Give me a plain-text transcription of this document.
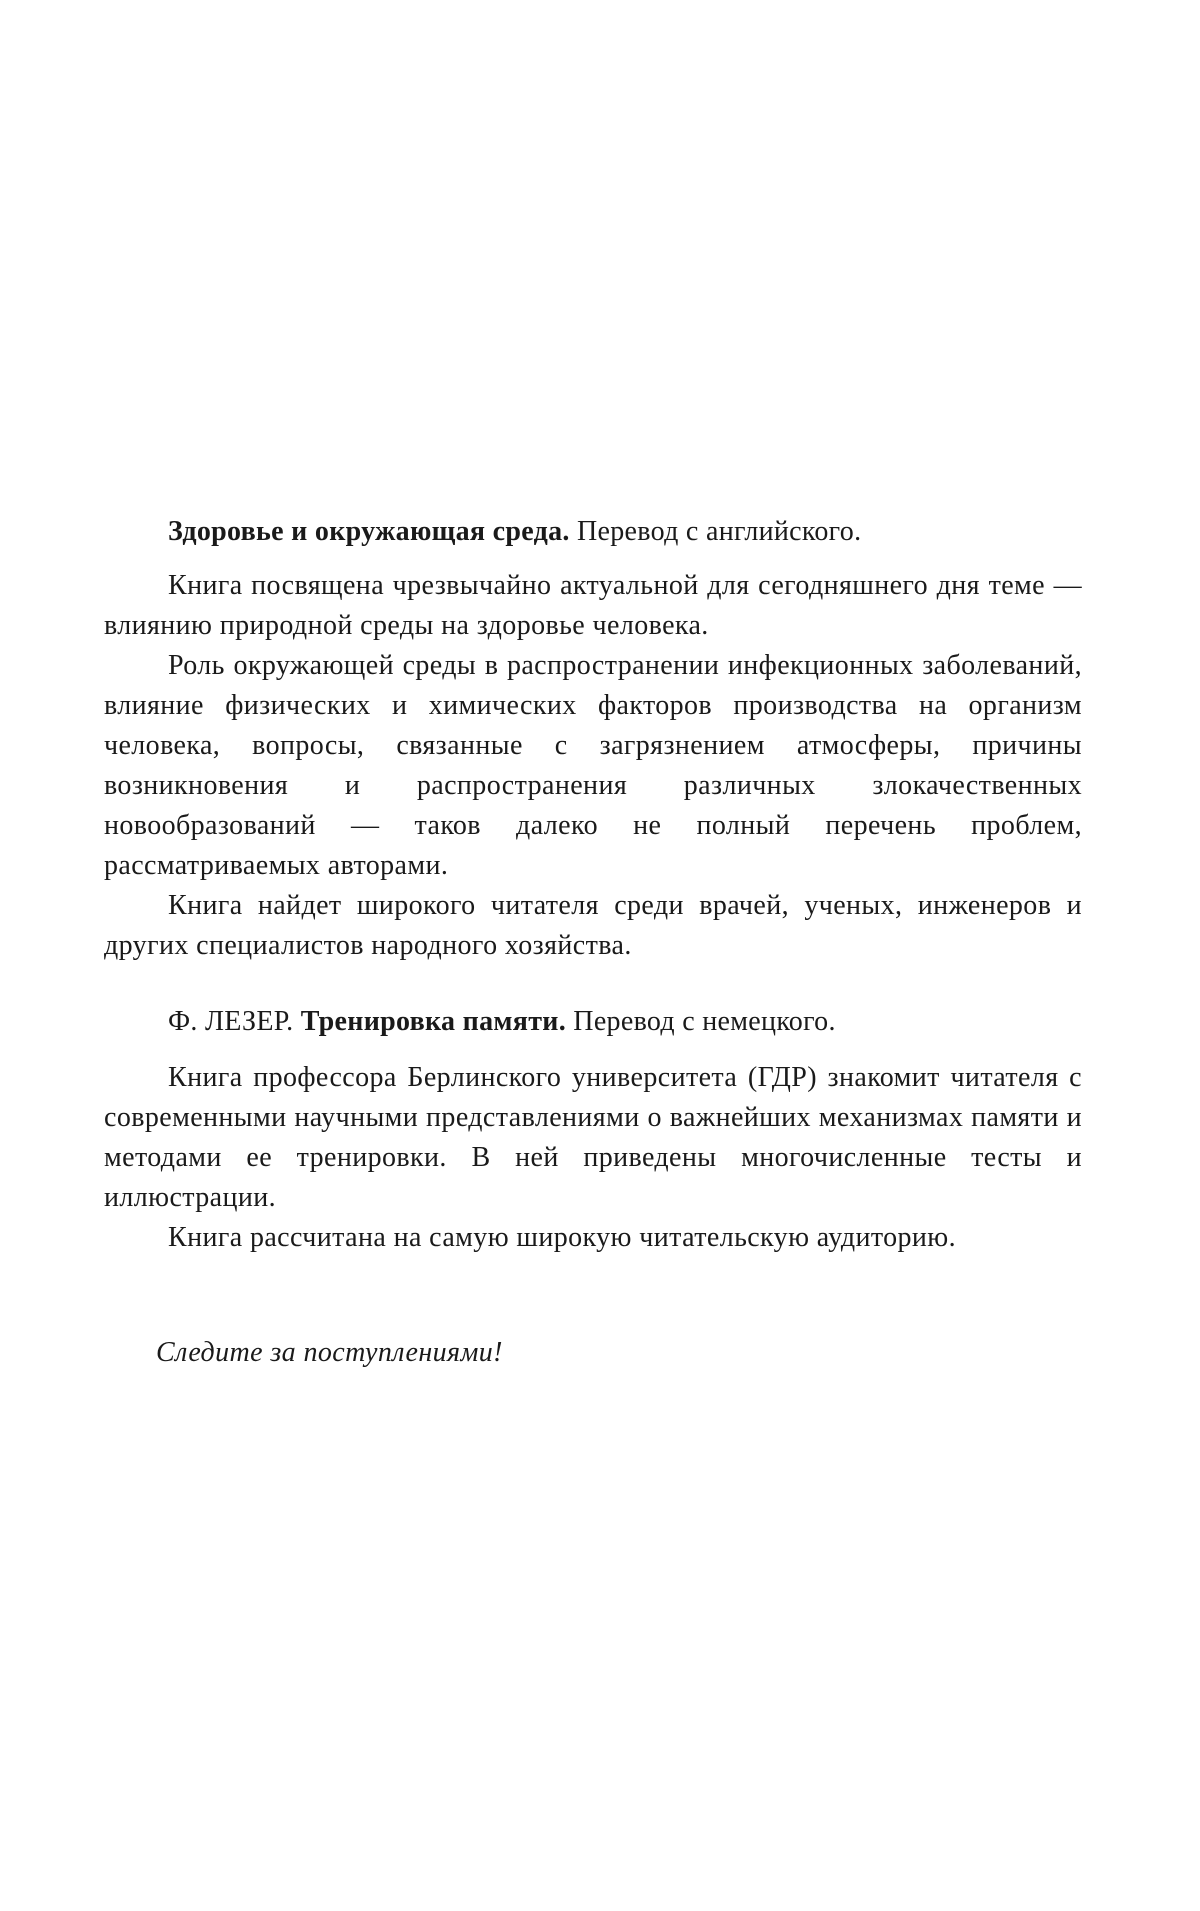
Здоровье и окружающая среда. Перевод с английского.

Книга посвящена чрезвычайно актуальной для сегодняшнего дня теме — влиянию природной среды на здоровье человека.

Роль окружающей среды в распространении инфекционных заболеваний, влияние физических и химических факторов производства на организм человека, вопросы, связанные с загрязнением атмосферы, причины возникновения и распространения различных злокачественных новообразований — таков далеко не полный перечень проблем, рассматриваемых авторами.

Книга найдет широкого читателя среди врачей, ученых, инженеров и других специалистов народного хозяйства.

Ф. ЛЕЗЕР. Тренировка памяти. Перевод с немецкого.

Книга профессора Берлинского университета (ГДР) знакомит читателя с современными научными представлениями о важнейших механизмах памяти и методами ее тренировки. В ней приведены многочисленные тесты и иллюстрации.

Книга рассчитана на самую широкую читательскую аудиторию.

Следите за поступлениями!
